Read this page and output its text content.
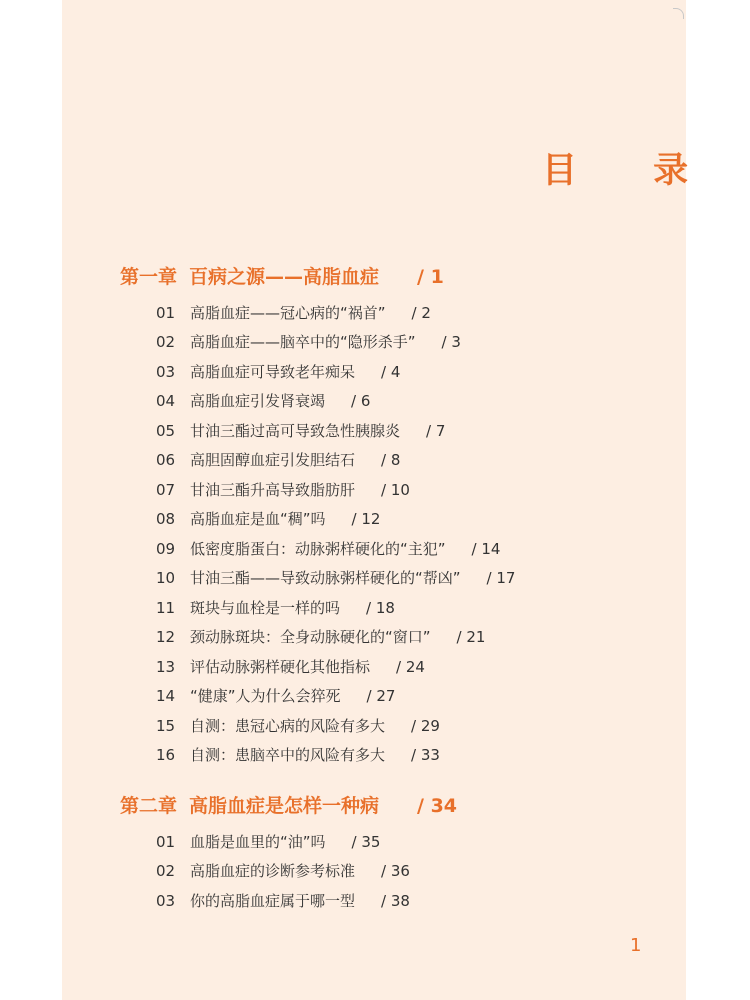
目 录
第一章 百病之源——高脂血症 / 1
01 高脂血症——冠心病的“祸首” / 2
02 高脂血症——脑卒中的“隐形杀手” / 3
03 高脂血症可导致老年痴呆 / 4
04 高脂血症引发肾衰竭 / 6
05 甘油三酯过高可导致急性胰腺炎 / 7
06 高胆固醇血症引发胆结石 / 8
07 甘油三酯升高导致脂肪肝 / 10
08 高脂血症是血“稠”吗 / 12
09 低密度脂蛋白：动脉粥样硬化的“主犯” / 14
10 甘油三酯——导致动脉粥样硬化的“帮凶” / 17
11 斑块与血栓是一样的吗 / 18
12 颈动脉斑块：全身动脉硬化的“窗口” / 21
13 评估动脉粥样硬化其他指标 / 24
14 “健康”人为什么会猝死 / 27
15 自测：患冠心病的风险有多大 / 29
16 自测：患脑卒中的风险有多大 / 33
第二章 高脂血症是怎样一种病 / 34
01 血脂是血里的“油”吗 / 35
02 高脂血症的诊断参考标准 / 36
03 你的高脂血症属于哪一型 / 38
1
